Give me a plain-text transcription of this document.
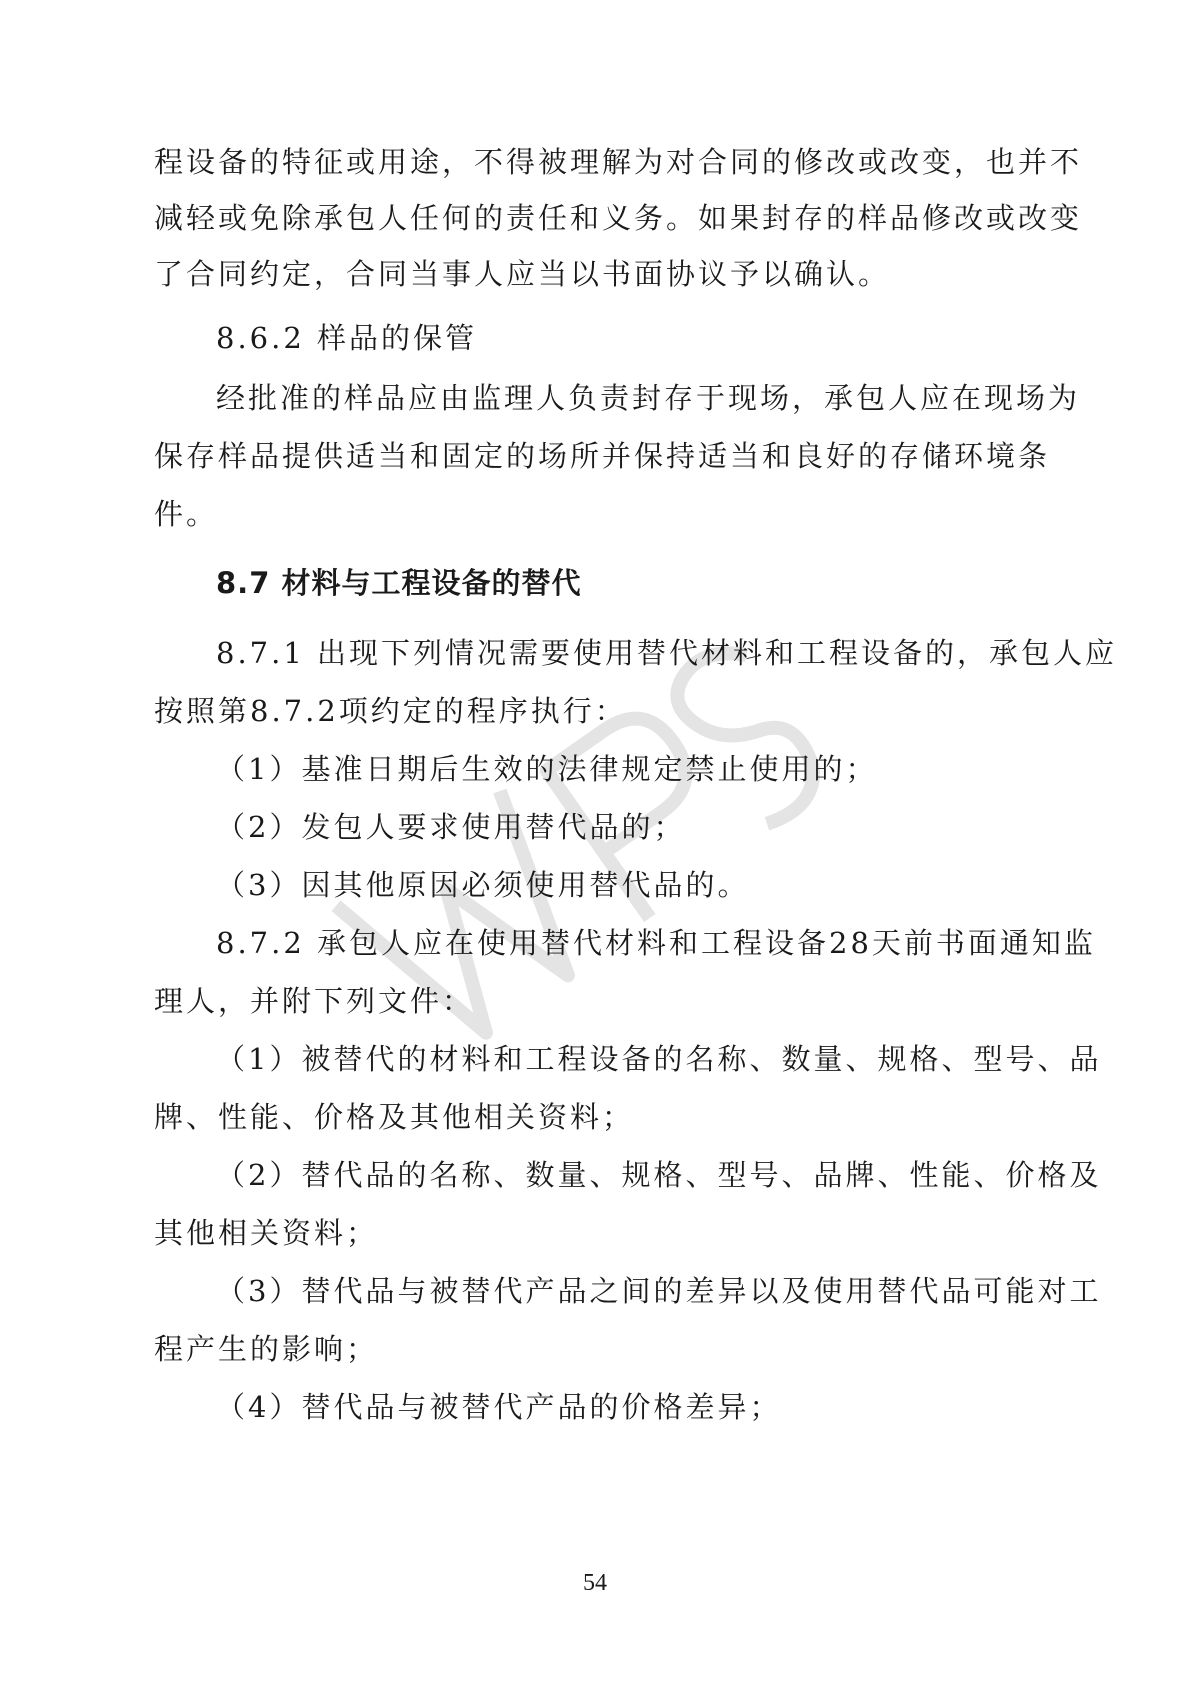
程设备的特征或用途，不得被理解为对合同的修改或改变，也并不
减轻或免除承包人任何的责任和义务。如果封存的样品修改或改变
了合同约定，合同当事人应当以书面协议予以确认。
8.6.2 样品的保管
经批准的样品应由监理人负责封存于现场，承包人应在现场为
保存样品提供适当和固定的场所并保持适当和良好的存储环境条
件。
8.7 材料与工程设备的替代
8.7.1 出现下列情况需要使用替代材料和工程设备的，承包人应
按照第8.7.2项约定的程序执行：
（1）基准日期后生效的法律规定禁止使用的；
（2）发包人要求使用替代品的；
（3）因其他原因必须使用替代品的。
8.7.2 承包人应在使用替代材料和工程设备28天前书面通知监
理人，并附下列文件：
（1）被替代的材料和工程设备的名称、数量、规格、型号、品
牌、性能、价格及其他相关资料；
（2）替代品的名称、数量、规格、型号、品牌、性能、价格及
其他相关资料；
（3）替代品与被替代产品之间的差异以及使用替代品可能对工
程产生的影响；
（4）替代品与被替代产品的价格差异；
54
